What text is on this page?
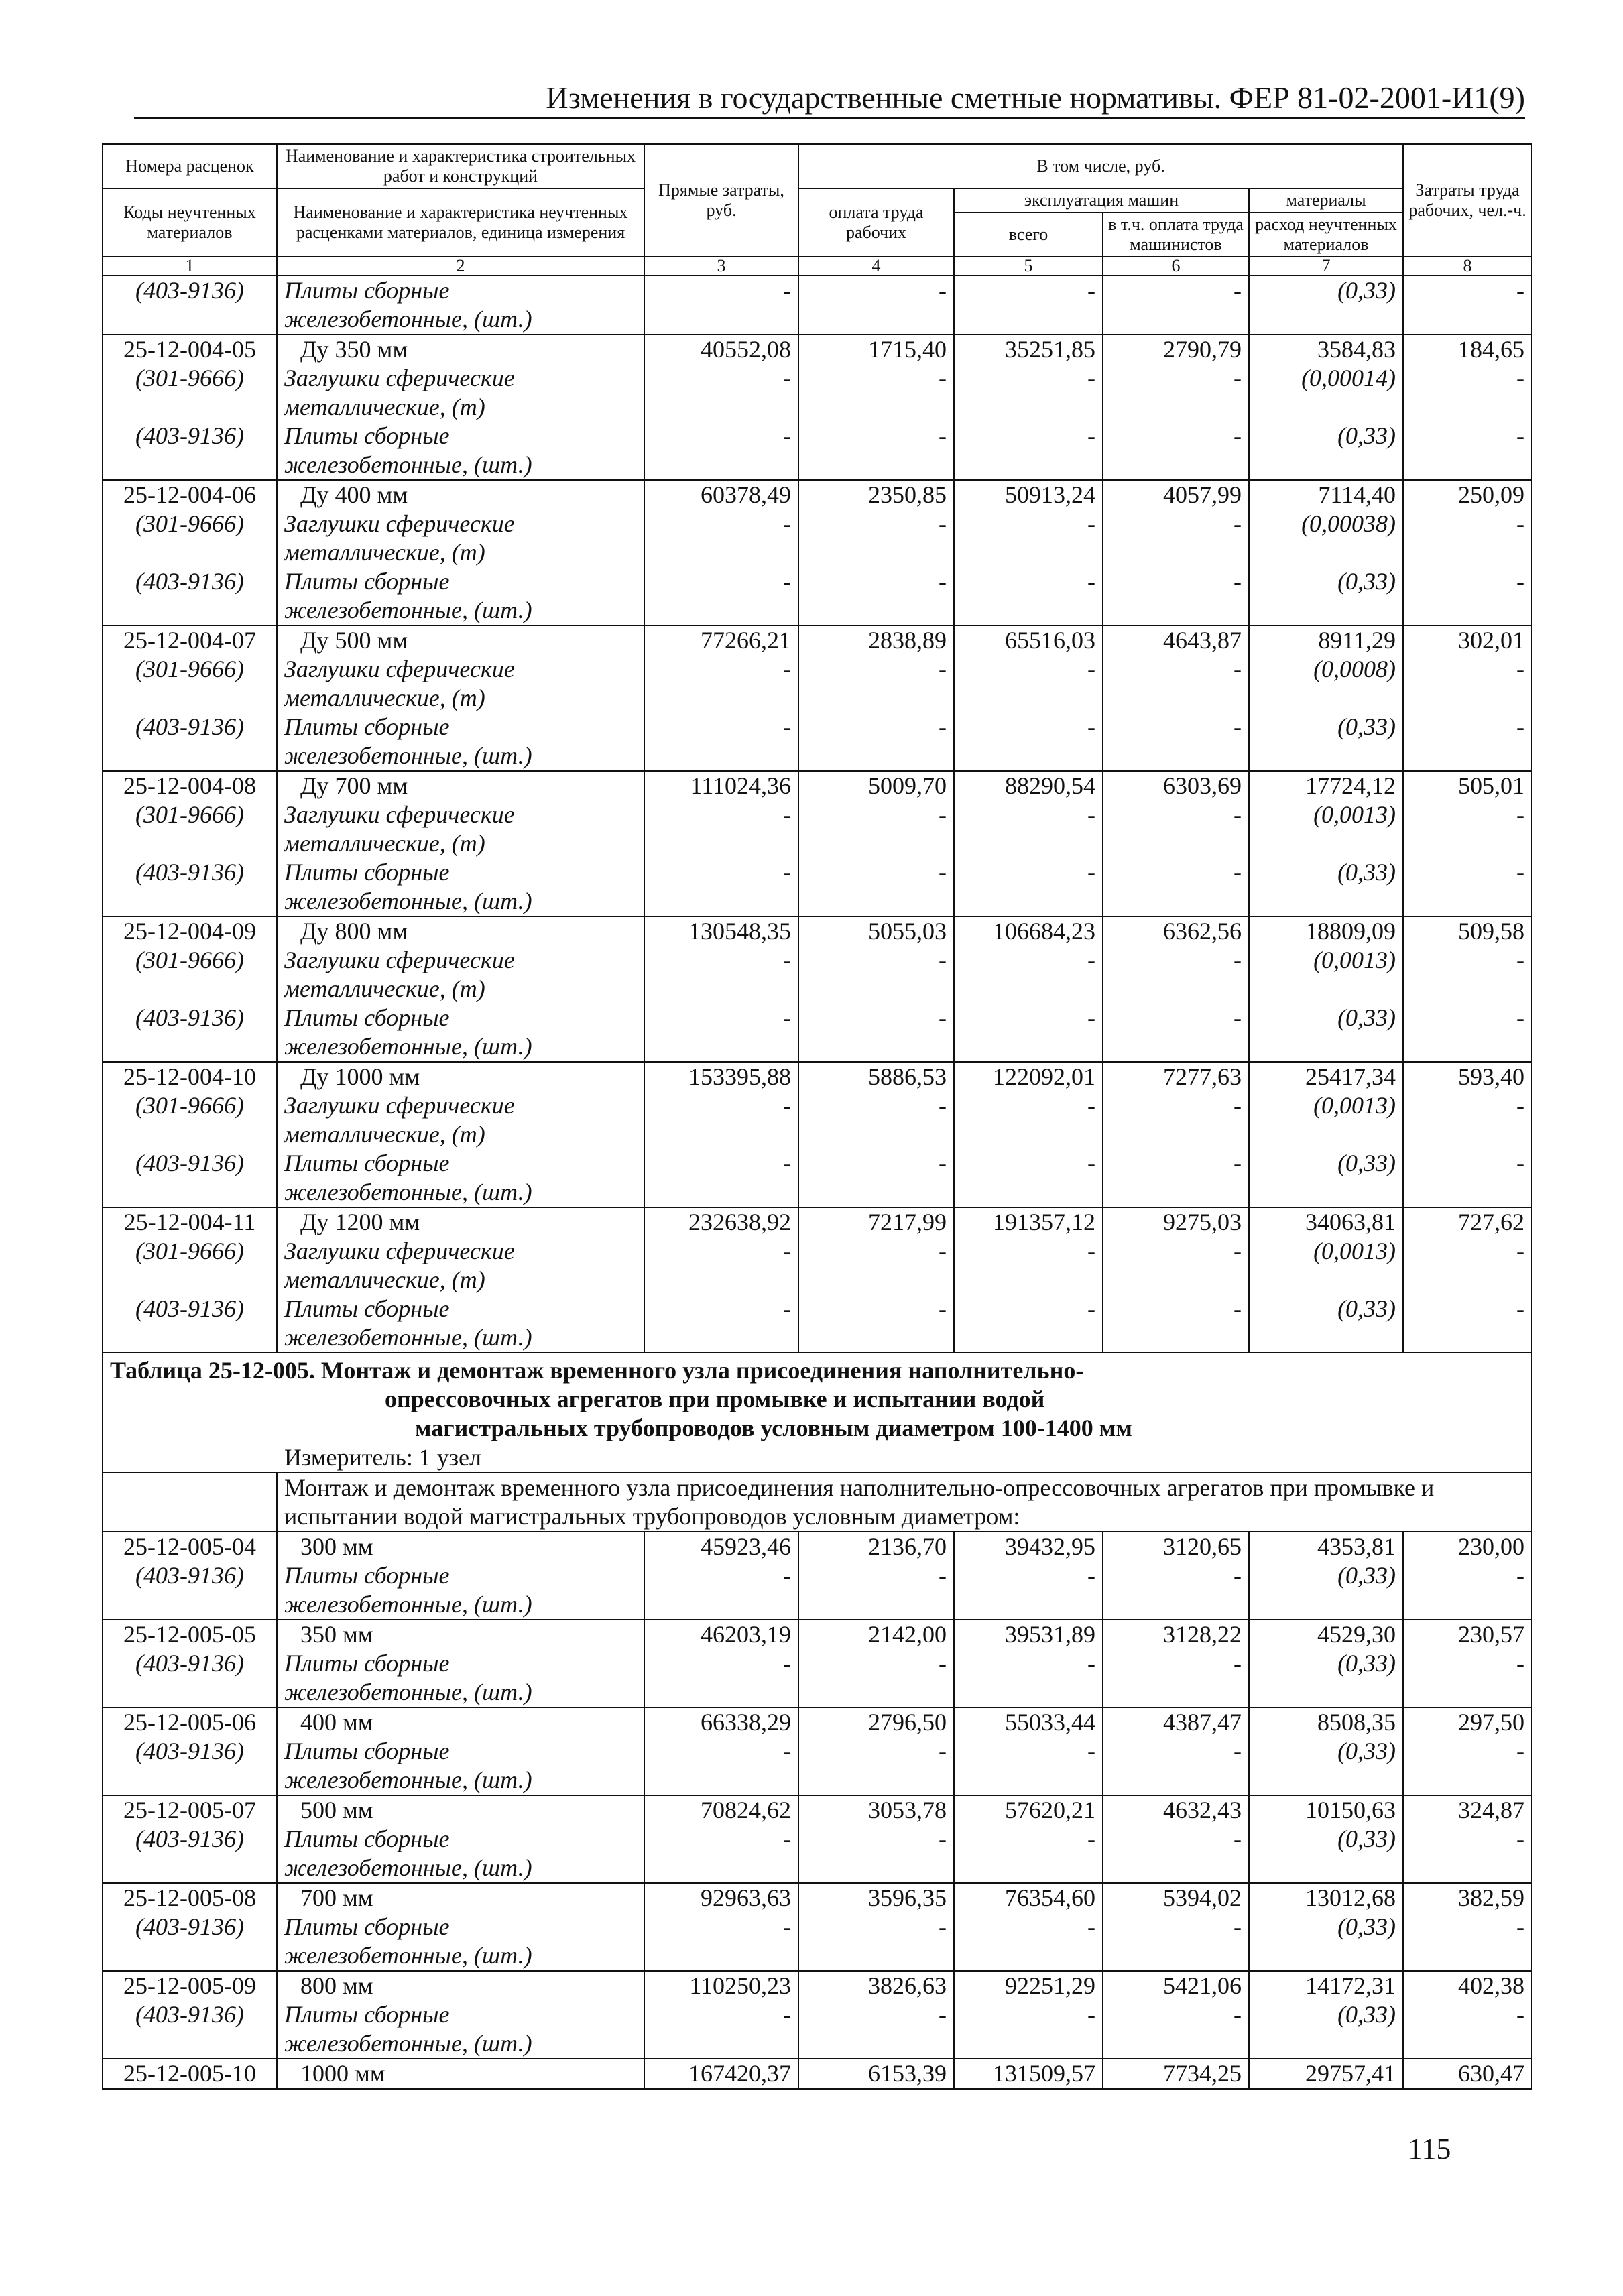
Изменения в государственные сметные нормативы. ФЕР 81-02-2001-И1(9)
Номера расценок	Наименование и характеристика строительных работ и конструкций	Прямые затраты, руб.	В том числе, руб.				Затраты труда рабочих, чел.-ч.
Коды неучтенных материалов	Наименование и характеристика неучтенных расценками материалов, единица измерения		оплата труда рабочих	эксплуатация машин		материалы	
				всего	в т.ч. оплата труда машинистов	расход неучтенных материалов	
1	2	3	4	5	6	7	8
(403-9136)	Плиты сборные	-	-	-	-	(0,33)	-
	железобетонные, (шт.)						
25-12-004-05	Ду 350 мм	40552,08	1715,40	35251,85	2790,79	3584,83	184,65
(301-9666)	Заглушки сферические	-	-	-	-	(0,00014)	-
	металлические, (т)						
(403-9136)	Плиты сборные	-	-	-	-	(0,33)	-
	железобетонные, (шт.)						
25-12-004-06	Ду 400 мм	60378,49	2350,85	50913,24	4057,99	7114,40	250,09
(301-9666)	Заглушки сферические	-	-	-	-	(0,00038)	-
	металлические, (т)						
(403-9136)	Плиты сборные	-	-	-	-	(0,33)	-
	железобетонные, (шт.)						
25-12-004-07	Ду 500 мм	77266,21	2838,89	65516,03	4643,87	8911,29	302,01
(301-9666)	Заглушки сферические	-	-	-	-	(0,0008)	-
	металлические, (т)						
(403-9136)	Плиты сборные	-	-	-	-	(0,33)	-
	железобетонные, (шт.)						
25-12-004-08	Ду 700 мм	111024,36	5009,70	88290,54	6303,69	17724,12	505,01
(301-9666)	Заглушки сферические	-	-	-	-	(0,0013)	-
	металлические, (т)						
(403-9136)	Плиты сборные	-	-	-	-	(0,33)	-
	железобетонные, (шт.)						
25-12-004-09	Ду 800 мм	130548,35	5055,03	106684,23	6362,56	18809,09	509,58
(301-9666)	Заглушки сферические	-	-	-	-	(0,0013)	-
	металлические, (т)						
(403-9136)	Плиты сборные	-	-	-	-	(0,33)	-
	железобетонные, (шт.)						
25-12-004-10	Ду 1000 мм	153395,88	5886,53	122092,01	7277,63	25417,34	593,40
(301-9666)	Заглушки сферические	-	-	-	-	(0,0013)	-
	металлические, (т)						
(403-9136)	Плиты сборные	-	-	-	-	(0,33)	-
	железобетонные, (шт.)						
25-12-004-11	Ду 1200 мм	232638,92	7217,99	191357,12	9275,03	34063,81	727,62
(301-9666)	Заглушки сферические	-	-	-	-	(0,0013)	-
	металлические, (т)						
(403-9136)	Плиты сборные	-	-	-	-	(0,33)	-
	железобетонные, (шт.)						
Таблица 25-12-005. Монтаж и демонтаж временного узла присоединения наполнительно-
опрессовочных агрегатов при промывке и испытании водой
магистральных трубопроводов условным диаметром 100-1400 мм
Измеритель: 1 узел							

	Монтаж и демонтаж временного узла присоединения наполнительно-опрессовочных агрегатов при промывке и испытании водой магистральных трубопроводов условным диаметром:						
25-12-005-04	300 мм	45923,46	2136,70	39432,95	3120,65	4353,81	230,00
(403-9136)	Плиты сборные	-	-	-	-	(0,33)	-
	железобетонные, (шт.)						
25-12-005-05	350 мм	46203,19	2142,00	39531,89	3128,22	4529,30	230,57
(403-9136)	Плиты сборные	-	-	-	-	(0,33)	-
	железобетонные, (шт.)						
25-12-005-06	400 мм	66338,29	2796,50	55033,44	4387,47	8508,35	297,50
(403-9136)	Плиты сборные	-	-	-	-	(0,33)	-
	железобетонные, (шт.)						
25-12-005-07	500 мм	70824,62	3053,78	57620,21	4632,43	10150,63	324,87
(403-9136)	Плиты сборные	-	-	-	-	(0,33)	-
	железобетонные, (шт.)						
25-12-005-08	700 мм	92963,63	3596,35	76354,60	5394,02	13012,68	382,59
(403-9136)	Плиты сборные	-	-	-	-	(0,33)	-
	железобетонные, (шт.)						
25-12-005-09	800 мм	110250,23	3826,63	92251,29	5421,06	14172,31	402,38
(403-9136)	Плиты сборные	-	-	-	-	(0,33)	-
	железобетонные, (шт.)						
25-12-005-10	1000 мм	167420,37	6153,39	131509,57	7734,25	29757,41	630,47
115
